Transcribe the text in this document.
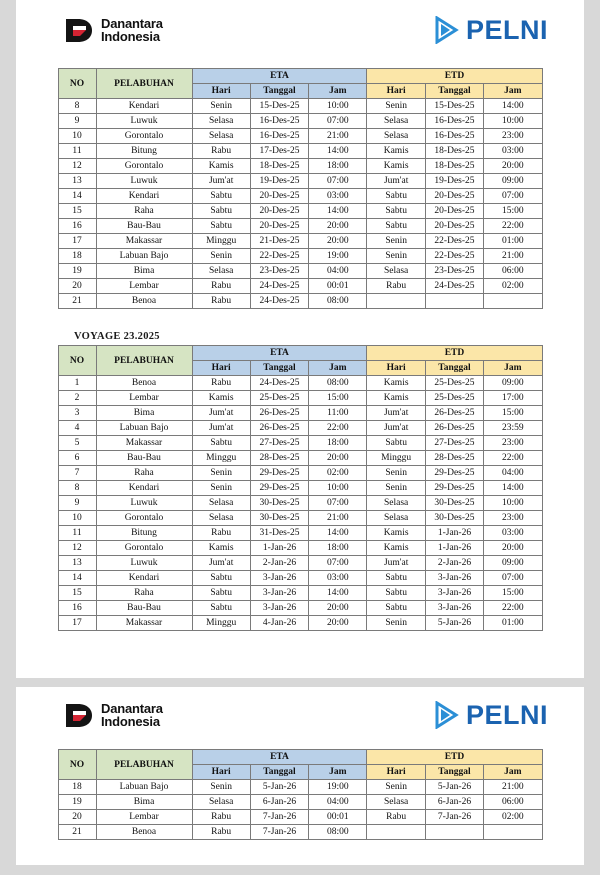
Danantara
Indonesia	PELNI
NO	PELABUHAN	ETA			ETD		
		Hari	Tanggal	Jam	Hari	Tanggal	Jam
8	Kendari	Senin	15-Des-25	10:00	Senin	15-Des-25	14:00
9	Luwuk	Selasa	16-Des-25	07:00	Selasa	16-Des-25	10:00
10	Gorontalo	Selasa	16-Des-25	21:00	Selasa	16-Des-25	23:00
11	Bitung	Rabu	17-Des-25	14:00	Kamis	18-Des-25	03:00
12	Gorontalo	Kamis	18-Des-25	18:00	Kamis	18-Des-25	20:00
13	Luwuk	Jum'at	19-Des-25	07:00	Jum'at	19-Des-25	09:00
14	Kendari	Sabtu	20-Des-25	03:00	Sabtu	20-Des-25	07:00
15	Raha	Sabtu	20-Des-25	14:00	Sabtu	20-Des-25	15:00
16	Bau-Bau	Sabtu	20-Des-25	20:00	Sabtu	20-Des-25	22:00
17	Makassar	Minggu	21-Des-25	20:00	Senin	22-Des-25	01:00
18	Labuan Bajo	Senin	22-Des-25	19:00	Senin	22-Des-25	21:00
19	Bima	Selasa	23-Des-25	04:00	Selasa	23-Des-25	06:00
20	Lembar	Rabu	24-Des-25	00:01	Rabu	24-Des-25	02:00
21	Benoa	Rabu	24-Des-25	08:00			
VOYAGE 23.2025
NO	PELABUHAN	ETA			ETD		
		Hari	Tanggal	Jam	Hari	Tanggal	Jam
1	Benoa	Rabu	24-Des-25	08:00	Kamis	25-Des-25	09:00
2	Lembar	Kamis	25-Des-25	15:00	Kamis	25-Des-25	17:00
3	Bima	Jum'at	26-Des-25	11:00	Jum'at	26-Des-25	15:00
4	Labuan Bajo	Jum'at	26-Des-25	22:00	Jum'at	26-Des-25	23:59
5	Makassar	Sabtu	27-Des-25	18:00	Sabtu	27-Des-25	23:00
6	Bau-Bau	Minggu	28-Des-25	20:00	Minggu	28-Des-25	22:00
7	Raha	Senin	29-Des-25	02:00	Senin	29-Des-25	04:00
8	Kendari	Senin	29-Des-25	10:00	Senin	29-Des-25	14:00
9	Luwuk	Selasa	30-Des-25	07:00	Selasa	30-Des-25	10:00
10	Gorontalo	Selasa	30-Des-25	21:00	Selasa	30-Des-25	23:00
11	Bitung	Rabu	31-Des-25	14:00	Kamis	1-Jan-26	03:00
12	Gorontalo	Kamis	1-Jan-26	18:00	Kamis	1-Jan-26	20:00
13	Luwuk	Jum'at	2-Jan-26	07:00	Jum'at	2-Jan-26	09:00
14	Kendari	Sabtu	3-Jan-26	03:00	Sabtu	3-Jan-26	07:00
15	Raha	Sabtu	3-Jan-26	14:00	Sabtu	3-Jan-26	15:00
16	Bau-Bau	Sabtu	3-Jan-26	20:00	Sabtu	3-Jan-26	22:00
17	Makassar	Minggu	4-Jan-26	20:00	Senin	5-Jan-26	01:00
Danantara
Indonesia	PELNI
NO	PELABUHAN	ETA			ETD		
		Hari	Tanggal	Jam	Hari	Tanggal	Jam
18	Labuan Bajo	Senin	5-Jan-26	19:00	Senin	5-Jan-26	21:00
19	Bima	Selasa	6-Jan-26	04:00	Selasa	6-Jan-26	06:00
20	Lembar	Rabu	7-Jan-26	00:01	Rabu	7-Jan-26	02:00
21	Benoa	Rabu	7-Jan-26	08:00			
